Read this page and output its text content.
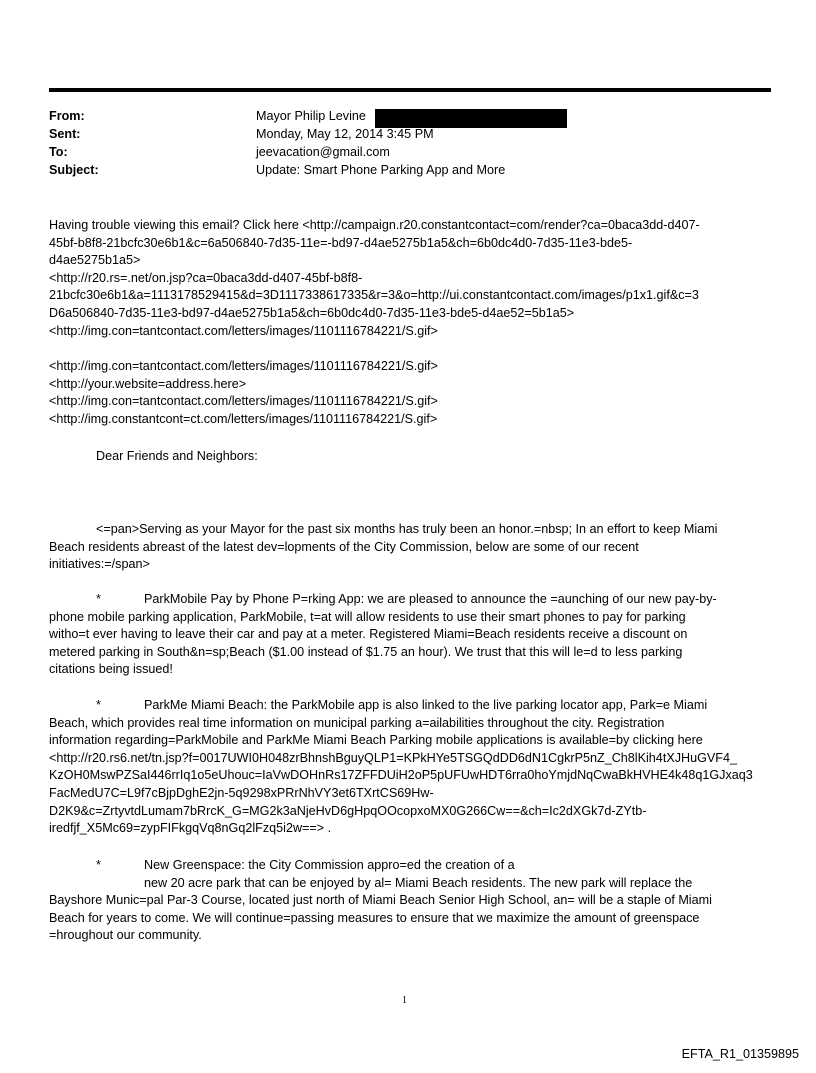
From:	Mayor Philip Levine
Sent:	Monday, May 12, 2014 3:45 PM
To:	jeevacation@gmail.com
Subject:	Update: Smart Phone Parking App and More
Having trouble viewing this email? Click here <http://campaign.r20.constantcontact=com/render?ca=0baca3dd-d407-
45bf-b8f8-21bcfc30e6b1&c=6a506840-7d35-11e=-bd97-d4ae5275b1a5&ch=6b0dc4d0-7d35-11e3-bde5-
d4ae5275b1a5>
<http://r20.rs=.net/on.jsp?ca=0baca3dd-d407-45bf-b8f8-
21bcfc30e6b1&a=1113178529415&d=3D1117338617335&r=3&o=http://ui.constantcontact.com/images/p1x1.gif&c=3
D6a506840-7d35-11e3-bd97-d4ae5275b1a5&ch=6b0dc4d0-7d35-11e3-bde5-d4ae52=5b1a5>
<http://img.con=tantcontact.com/letters/images/1101116784221/S.gif>
<http://img.con=tantcontact.com/letters/images/1101116784221/S.gif>
<http://your.website=address.here>
<http://img.con=tantcontact.com/letters/images/1101116784221/S.gif>
<http://img.constantcont=ct.com/letters/images/1101116784221/S.gif>
Dear Friends and Neighbors:
<=pan>Serving as your Mayor for the past six months has truly been an honor.=nbsp; In an effort to keep Miami
Beach residents abreast of the latest dev=lopments of the City Commission, below are some of our recent
initiatives:=/span>
*	ParkMobile Pay by Phone P=rking App: we are pleased to announce the =aunching of our new pay-by-
phone mobile parking application, ParkMobile, t=at will allow residents to use their smart phones to pay for parking
witho=t ever having to leave their car and pay at a meter. Registered Miami=Beach residents receive a discount on
metered parking in South&n=sp;Beach ($1.00 instead of $1.75 an hour). We trust that this will le=d to less parking
citations being issued!
*	ParkMe Miami Beach: the ParkMobile app is also linked to the live parking locator app, Park=e Miami
Beach, which provides real time information on municipal parking a=ailabilities throughout the city. Registration
information regarding=ParkMobile and ParkMe Miami Beach Parking mobile applications is available=by clicking here
<http://r20.rs6.net/tn.jsp?f=0017UWI0H048zrBhnshBguyQLP1=KPkHYe5TSGQdDD6dN1CgkrP5nZ_Ch8lKih4tXJHuGVF4_
KzOH0MswPZSaI446rrIq1o5eUhouc=IaVwDOHnRs17ZFFDUiH2oP5pUFUwHDT6rra0hoYmjdNqCwaBkHVHE4k48q1GJxaq3
FacMedU7C=L9f7cBjpDghE2jn-5q9298xPRrNhVY3et6TXrtCS69Hw-
D2K9&c=ZrtyvtdLumam7bRrcK_G=MG2k3aNjeHvD6gHpqOOcopxoMX0G266Cw==&ch=Ic2dXGk7d-ZYtb-
iredfjf_X5Mc69=zypFIFkgqVq8nGq2lFzq5i2w==> .
*	New Greenspace: the City Commission appro=ed the creation of a
new 20 acre park that can be enjoyed by al= Miami Beach residents. The new park will replace the
Bayshore Munic=pal Par-3 Course, located just north of Miami Beach Senior High School, an= will be a staple of Miami
Beach for years to come. We will continue=passing measures to ensure that we maximize the amount of greenspace
=hroughout our community.
1
EFTA_R1_01359895
